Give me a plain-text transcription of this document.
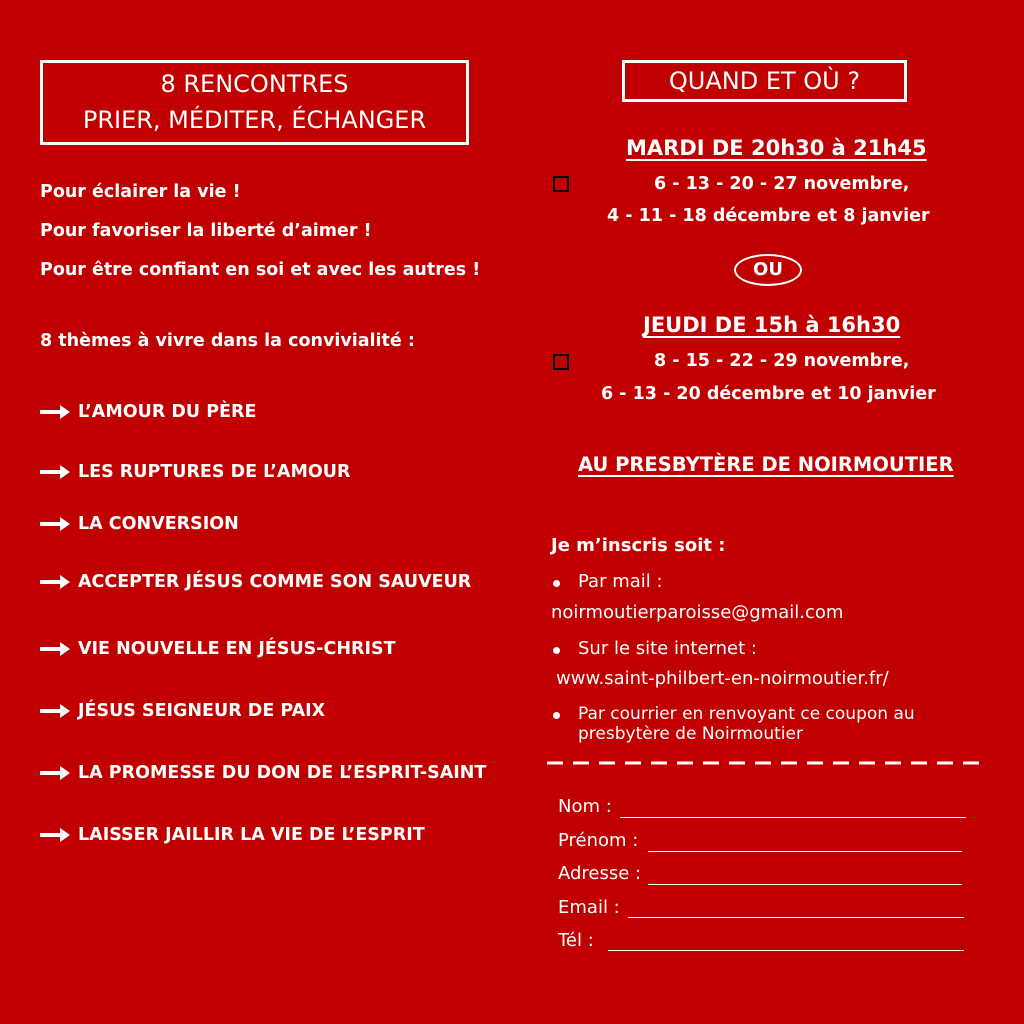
8 RENCONTRES
PRIER, MÉDITER, ÉCHANGER
Pour éclairer la vie !
Pour favoriser la liberté d’aimer !
Pour être confiant en soi et avec les autres !
8 thèmes à vivre dans la convivialité :
L’AMOUR DU PÈRE
LES RUPTURES DE L’AMOUR
LA CONVERSION
ACCEPTER JÉSUS COMME SON SAUVEUR
VIE NOUVELLE EN JÉSUS-CHRIST
JÉSUS SEIGNEUR DE PAIX
LA PROMESSE DU DON DE L’ESPRIT-SAINT
LAISSER JAILLIR LA VIE DE L’ESPRIT
QUAND ET OÙ ?
MARDI DE 20h30 à 21h45
6 - 13 - 20 - 27 novembre,
4 - 11 - 18 décembre et 8 janvier
OU
JEUDI DE 15h à 16h30
8 - 15 - 22 - 29 novembre,
6 - 13 - 20 décembre et 10 janvier
AU PRESBYTÈRE DE NOIRMOUTIER
Je m’inscris soit :
Par mail :
noirmoutierparoisse@gmail.com
Sur le site internet :
www.saint-philbert-en-noirmoutier.fr/
Par courrier en renvoyant ce coupon au
presbytère de Noirmoutier
Nom :
Prénom :
Adresse :
Email :
Tél :
